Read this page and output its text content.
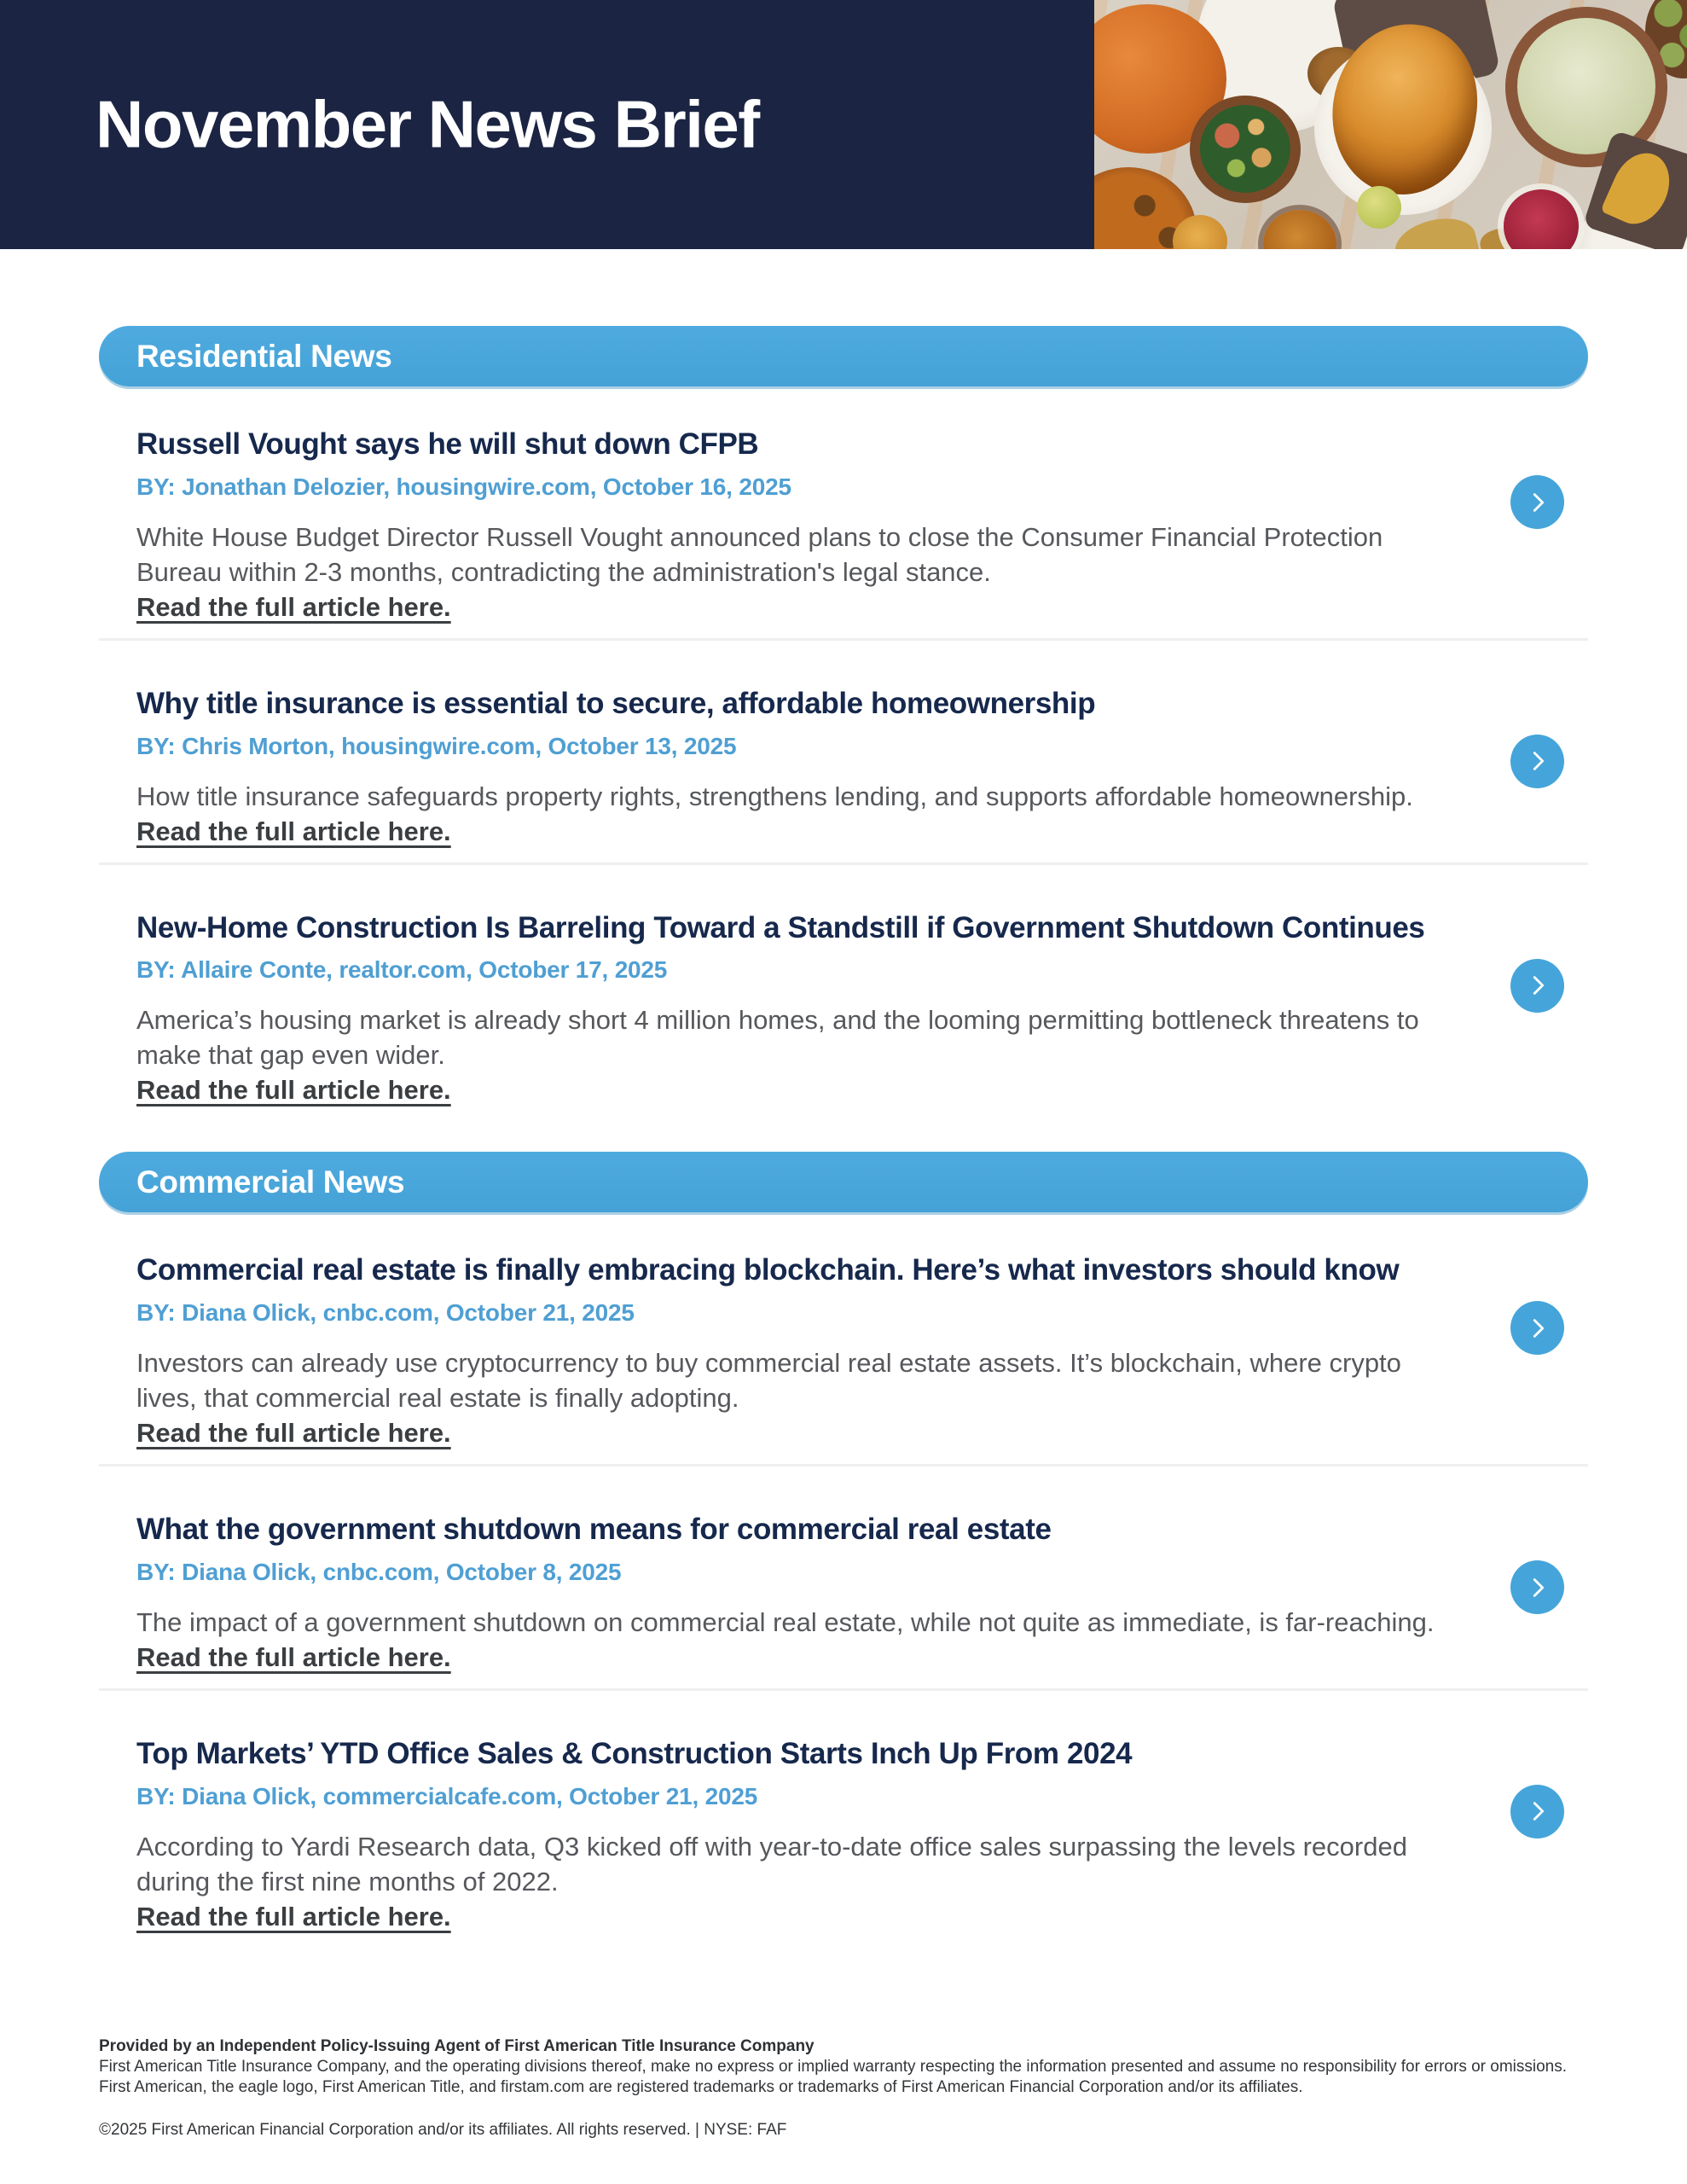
November News Brief
Residential News
Russell Vought says he will shut down CFPB
BY: Jonathan Delozier, housingwire.com, October 16, 2025

White House Budget Director Russell Vought announced plans to close the Consumer Financial Protection Bureau within 2-3 months, contradicting the administration's legal stance.

Read the full article here.
Why title insurance is essential to secure, affordable homeownership
BY: Chris Morton, housingwire.com, October 13, 2025

How title insurance safeguards property rights, strengthens lending, and supports affordable homeownership.

Read the full article here.
New-Home Construction Is Barreling Toward a Standstill if Government Shutdown Continues
BY: Allaire Conte, realtor.com, October 17, 2025

America’s housing market is already short 4 million homes, and the looming permitting bottleneck threatens to make that gap even wider.

Read the full article here.
Commercial News
Commercial real estate is finally embracing blockchain. Here’s what investors should know
BY: Diana Olick, cnbc.com, October 21, 2025

Investors can already use cryptocurrency to buy commercial real estate assets. It’s blockchain, where crypto lives, that commercial real estate is finally adopting.

Read the full article here.
What the government shutdown means for commercial real estate
BY: Diana Olick, cnbc.com, October 8, 2025

The impact of a government shutdown on commercial real estate, while not quite as immediate, is far-reaching.

Read the full article here.
Top Markets’ YTD Office Sales & Construction Starts Inch Up From 2024
BY: Diana Olick, commercialcafe.com, October 21, 2025

According to Yardi Research data, Q3 kicked off with year-to-date office sales surpassing the levels recorded during the first nine months of 2022.

Read the full article here.
Provided by an Independent Policy-Issuing Agent of First American Title Insurance Company

First American Title Insurance Company, and the operating divisions thereof, make no express or implied warranty respecting the information presented and assume no responsibility for errors or omissions. First American, the eagle logo, First American Title, and firstam.com are registered trademarks or trademarks of First American Financial Corporation and/or its affiliates.

©2025 First American Financial Corporation and/or its affiliates. All rights reserved. | NYSE: FAF
